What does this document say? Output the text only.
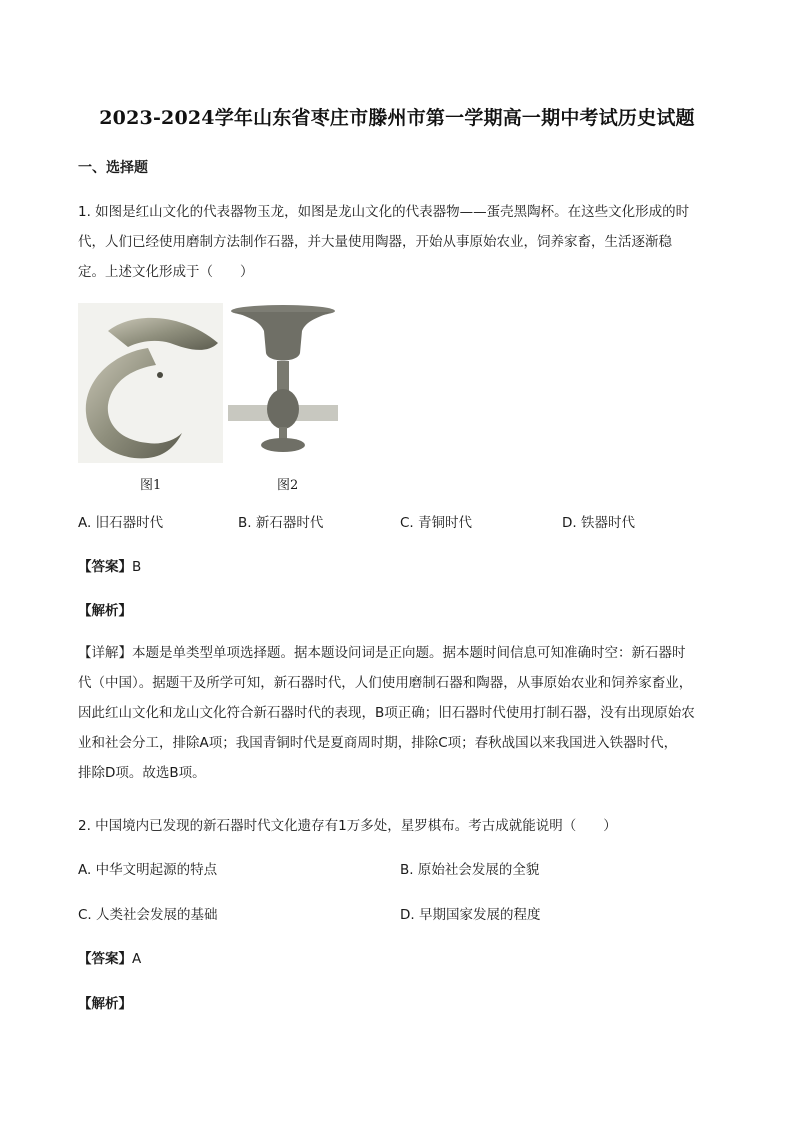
2023-2024学年山东省枣庄市滕州市第一学期高一期中考试历史试题
一、选择题
1. 如图是红山文化的代表器物玉龙，如图是龙山文化的代表器物——蛋壳黑陶杯。在这些文化形成的时
代，人们已经使用磨制方法制作石器，并大量使用陶器，开始从事原始农业，饲养家畜，生活逐渐稳
定。上述文化形成于（　　）
图1	图2
A. 旧石器时代	B. 新石器时代	C. 青铜时代	D. 铁器时代
【答案】B
【解析】
【详解】本题是单类型单项选择题。据本题设问词是正向题。据本题时间信息可知准确时空：新石器时
代（中国）。据题干及所学可知，新石器时代，人们使用磨制石器和陶器，从事原始农业和饲养家畜业，
因此红山文化和龙山文化符合新石器时代的表现，B项正确；旧石器时代使用打制石器，没有出现原始农
业和社会分工，排除A项；我国青铜时代是夏商周时期，排除C项；春秋战国以来我国进入铁器时代，
排除D项。故选B项。
2. 中国境内已发现的新石器时代文化遗存有1万多处，星罗棋布。考古成就能说明（　　）
A. 中华文明起源的特点	B. 原始社会发展的全貌
C. 人类社会发展的基础	D. 早期国家发展的程度
【答案】A
【解析】
